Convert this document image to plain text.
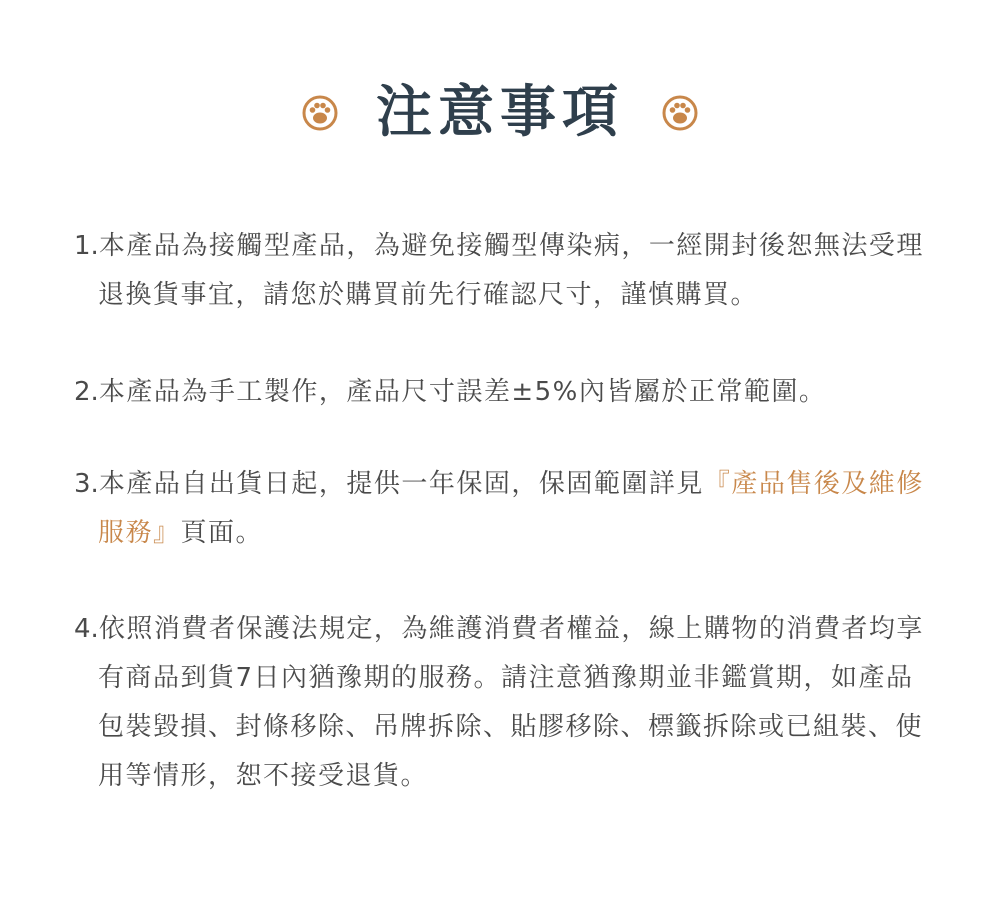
注意事項
1.本產品為接觸型產品，為避免接觸型傳染病，一經開封後恕無法受理退換貨事宜，請您於購買前先行確認尺寸，謹慎購買。
2.本產品為手工製作，產品尺寸誤差±5%內皆屬於正常範圍。
3.本產品自出貨日起，提供一年保固，保固範圍詳見『產品售後及維修服務』頁面。
4.依照消費者保護法規定，為維護消費者權益，線上購物的消費者均享有商品到貨7日內猶豫期的服務。請注意猶豫期並非鑑賞期，如產品包裝毀損、封條移除、吊牌拆除、貼膠移除、標籤拆除或已組裝、使用等情形，恕不接受退貨。
